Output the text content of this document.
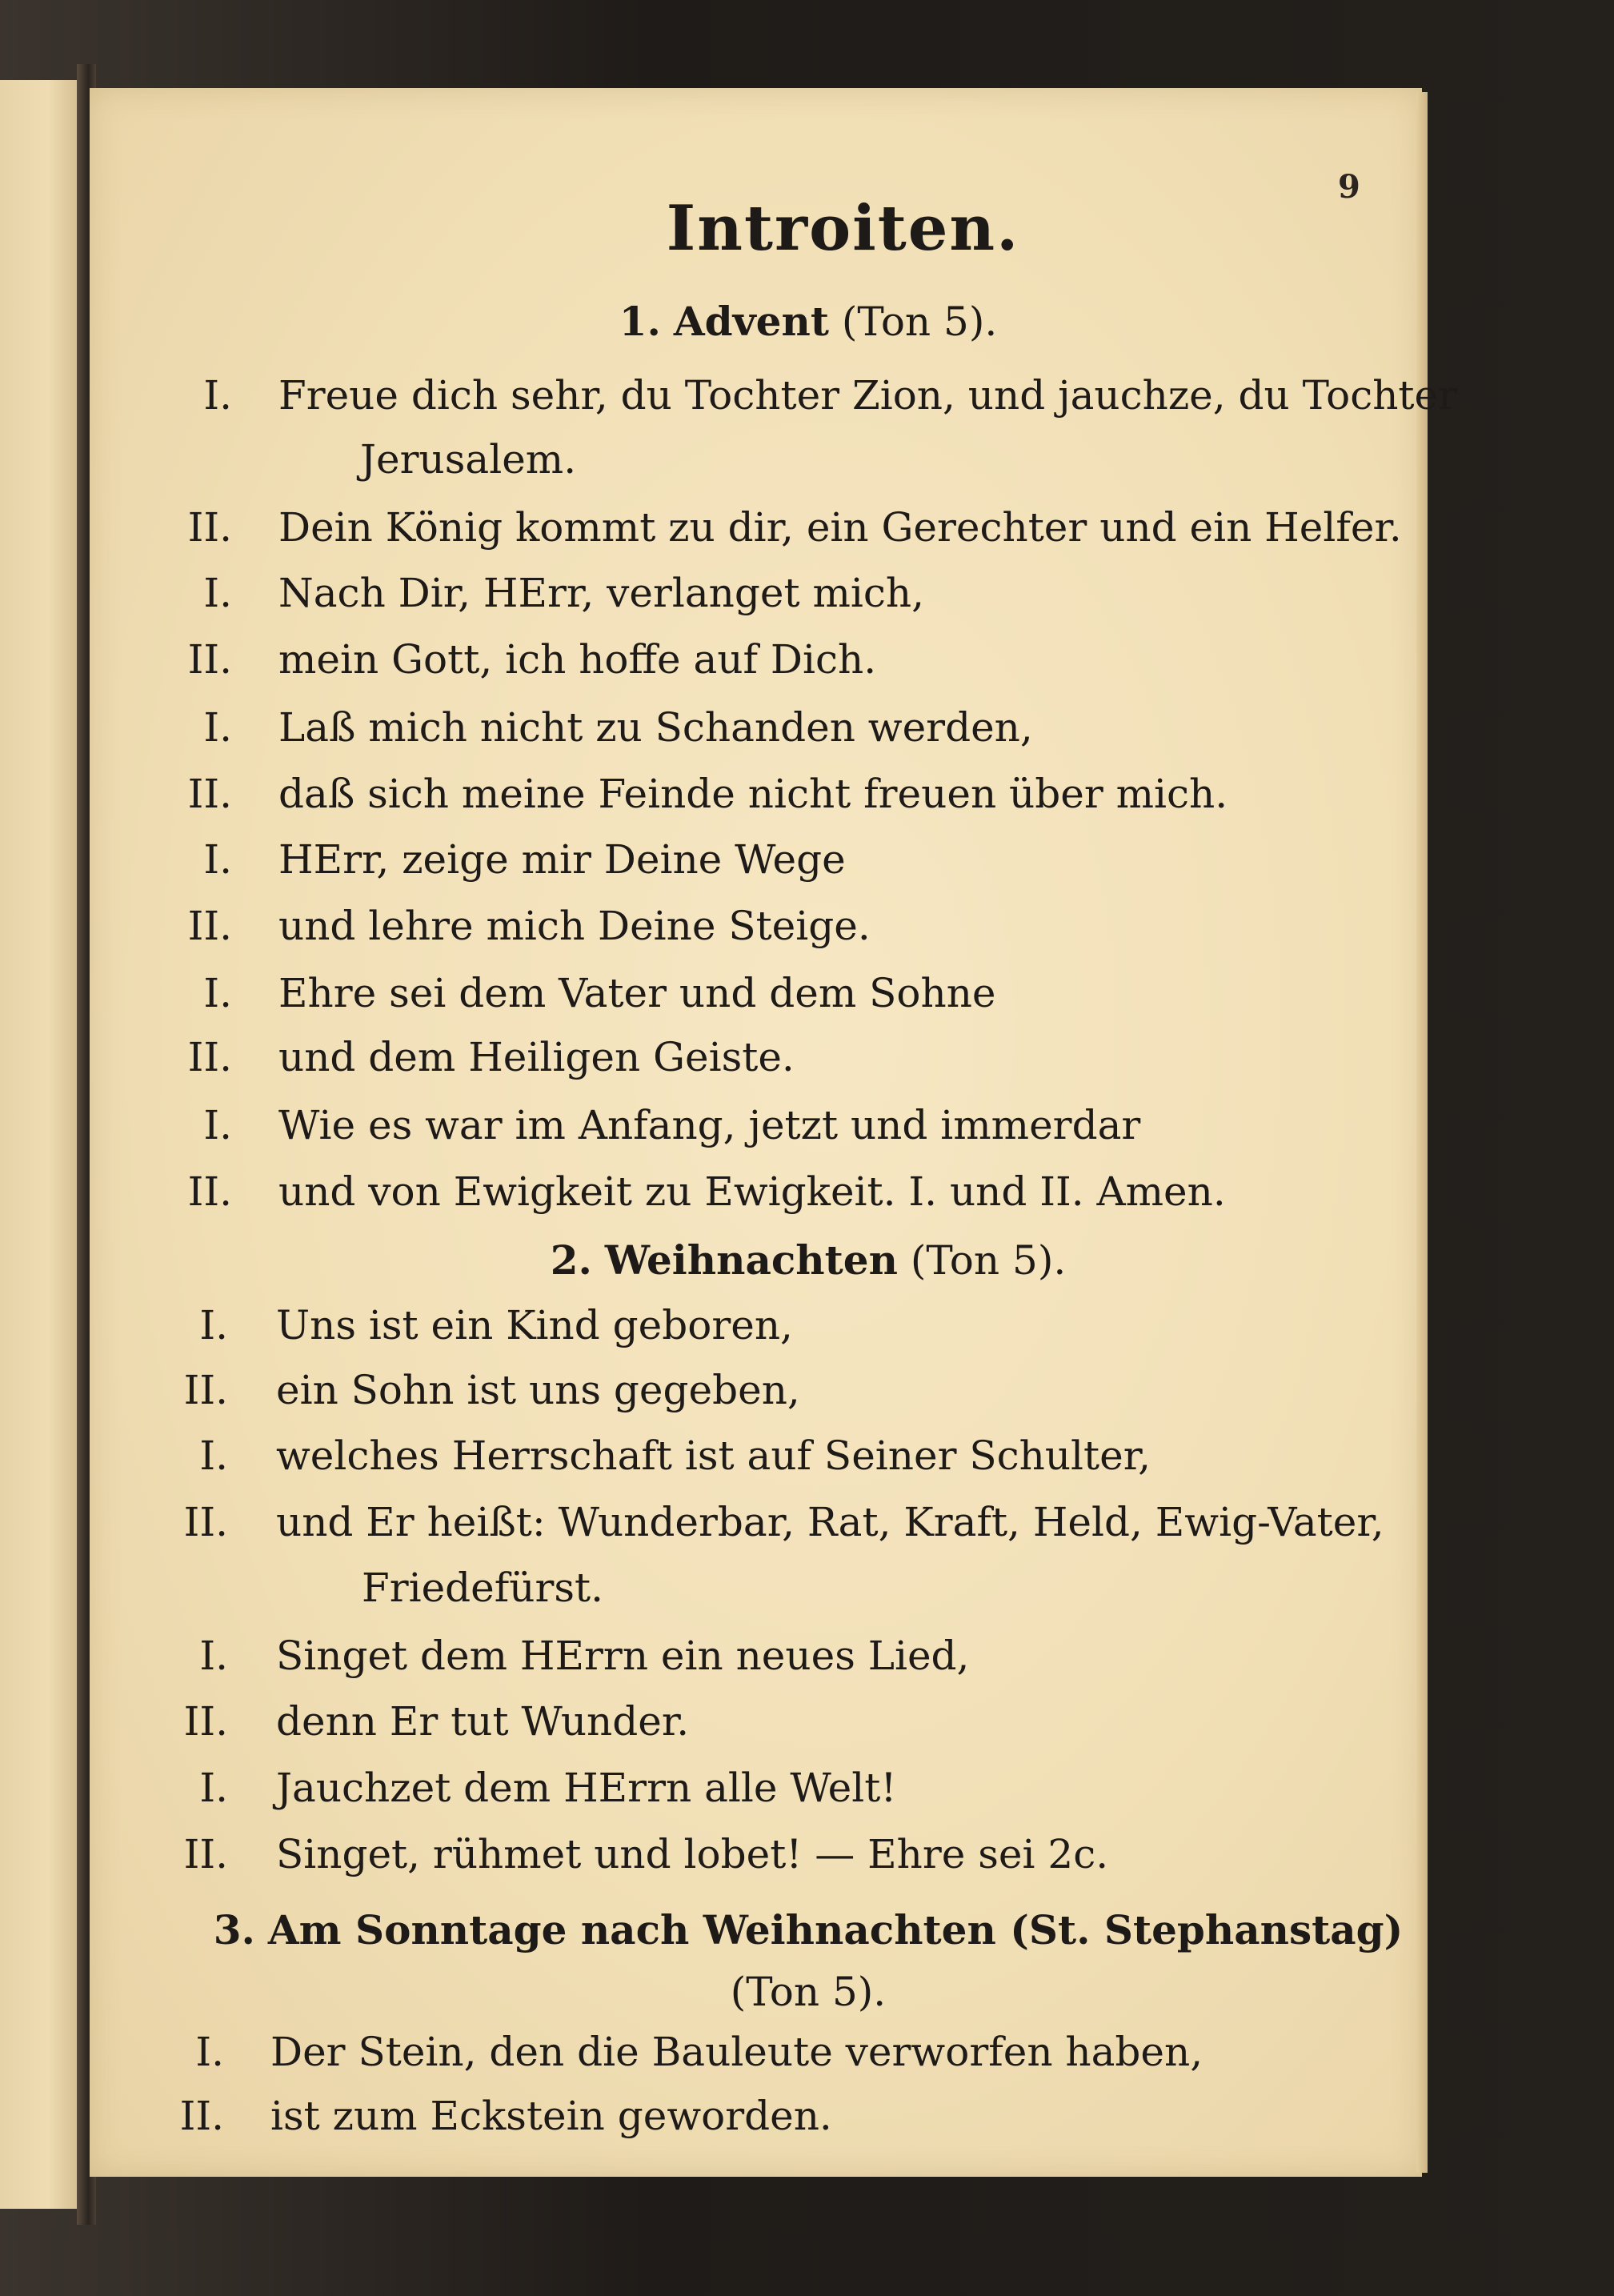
9
Introiten.
1. Advent (Ton 5).
I. Freue dich sehr, du Tochter Zion, und jauchze, du Tochter
Jerusalem.
II. Dein König kommt zu dir, ein Gerechter und ein Helfer.
I. Nach Dir, HErr, verlanget mich,
II. mein Gott, ich hoffe auf Dich.
I. Laß mich nicht zu Schanden werden,
II. daß sich meine Feinde nicht freuen über mich.
I. HErr, zeige mir Deine Wege
II. und lehre mich Deine Steige.
I. Ehre sei dem Vater und dem Sohne
II. und dem Heiligen Geiste.
I. Wie es war im Anfang, jetzt und immerdar
II. und von Ewigkeit zu Ewigkeit. I. und II. Amen.
2. Weihnachten (Ton 5).
I. Uns ist ein Kind geboren,
II. ein Sohn ist uns gegeben,
I. welches Herrschaft ist auf Seiner Schulter,
II. und Er heißt: Wunderbar, Rat, Kraft, Held, Ewig-Vater,
Friedefürst.
I. Singet dem HErrn ein neues Lied,
II. denn Er tut Wunder.
I. Jauchzet dem HErrn alle Welt!
II. Singet, rühmet und lobet! — Ehre sei 2c.
3. Am Sonntage nach Weihnachten (St. Stephanstag)
(Ton 5).
I. Der Stein, den die Bauleute verworfen haben,
II. ist zum Eckstein geworden.
